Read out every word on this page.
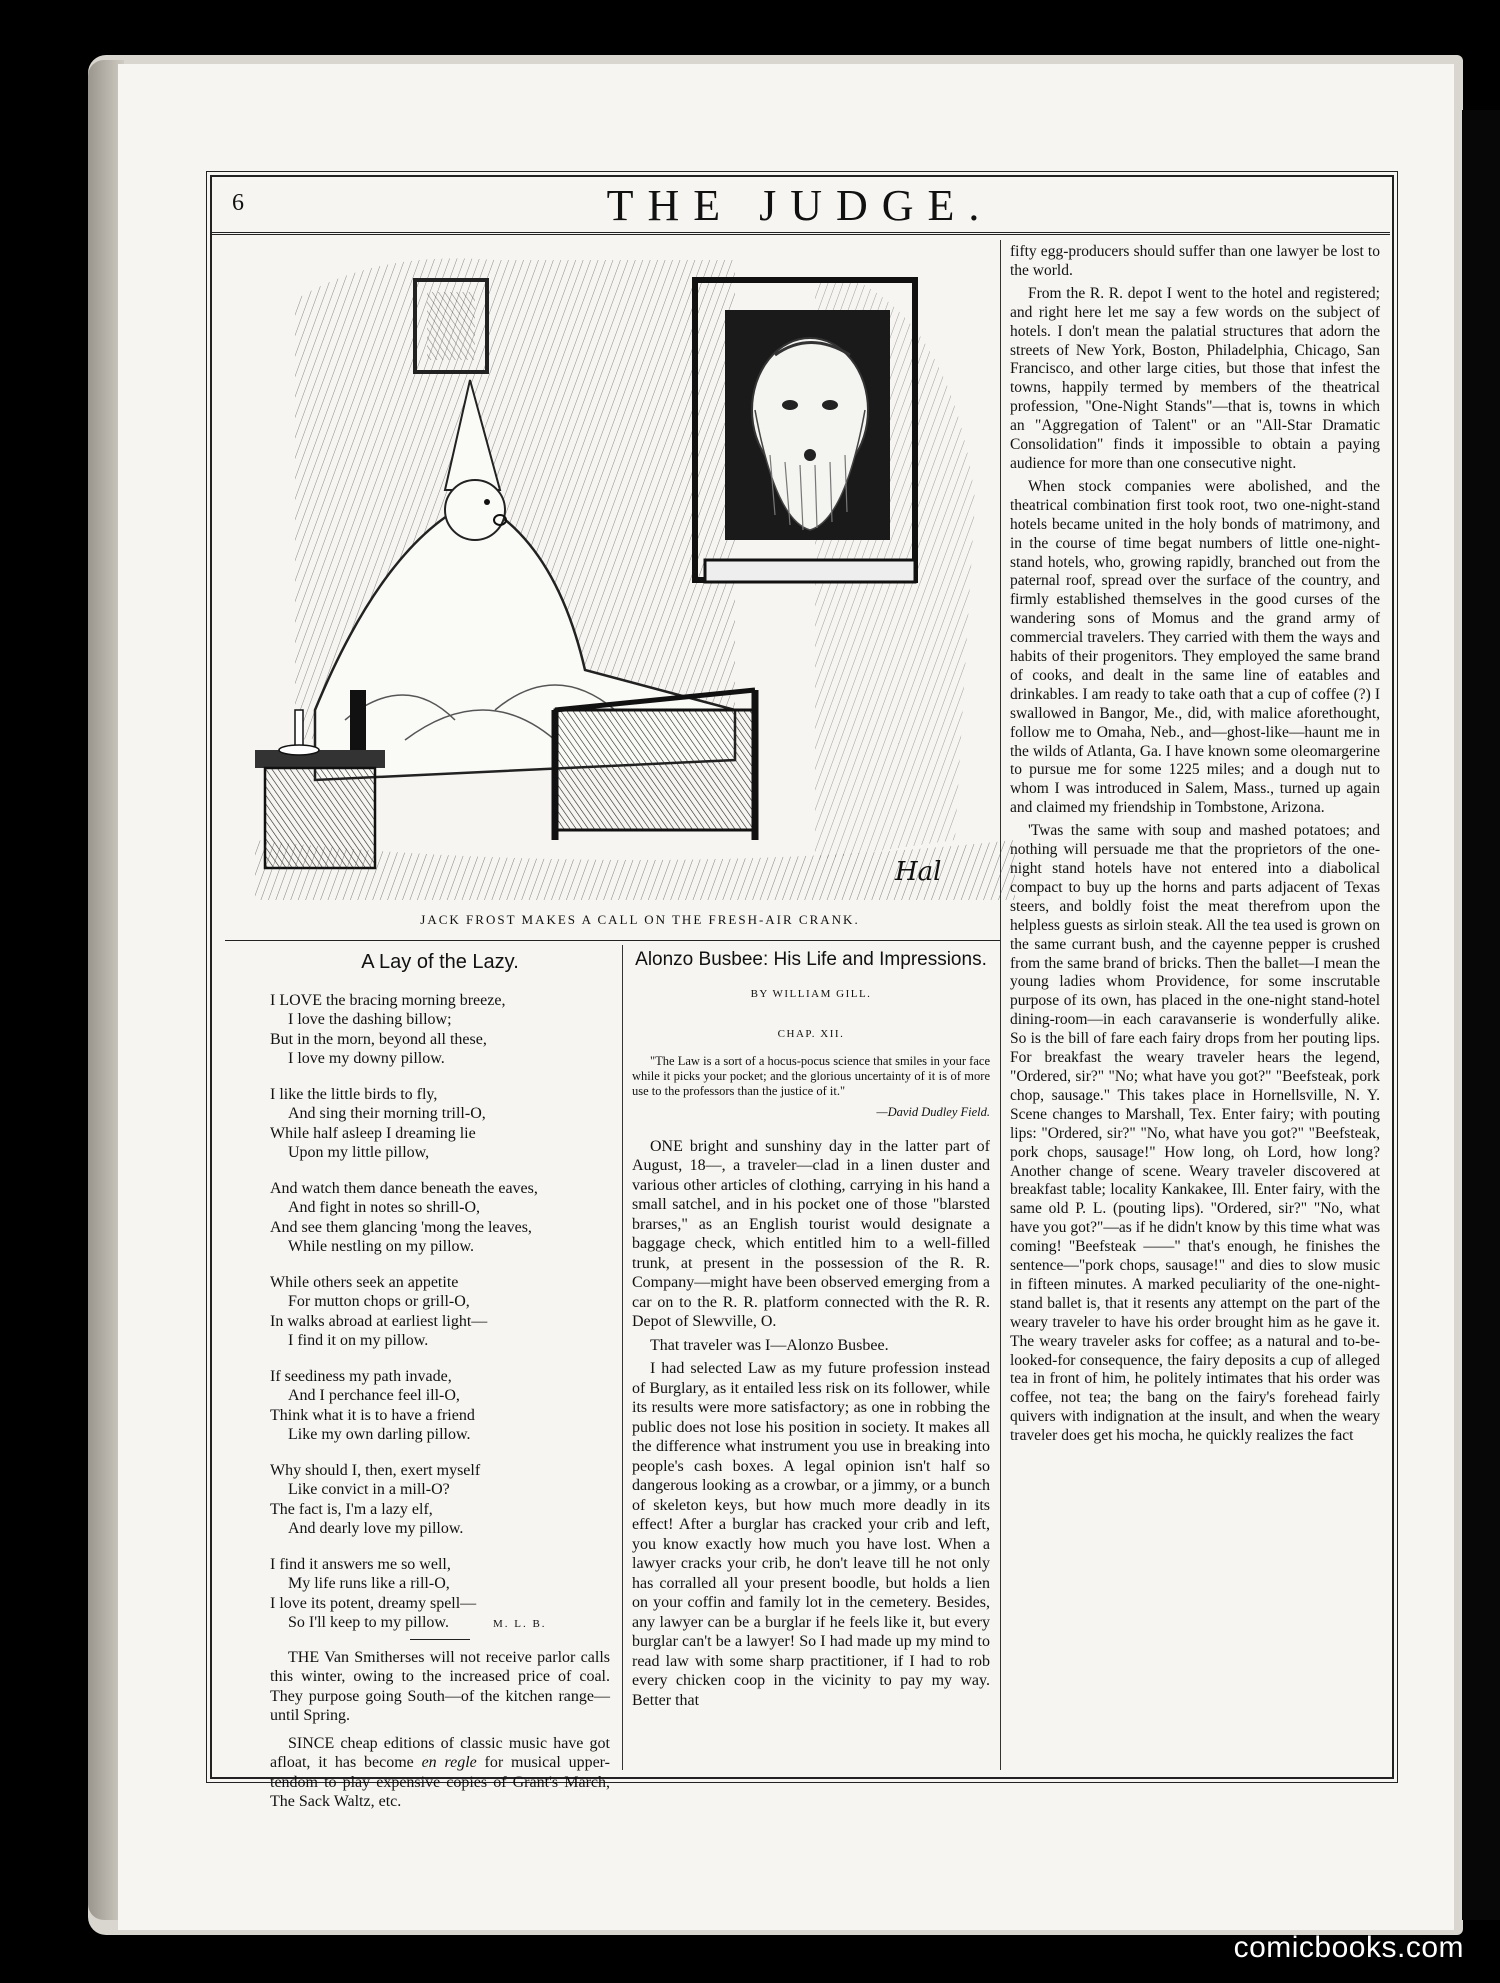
6	THE JUDGE.
Hal
JACK FROST MAKES A CALL ON THE FRESH-AIR CRANK.
A Lay of the Lazy.
I LOVE the bracing morning breeze,
I love the dashing billow;
But in the morn, beyond all these,
I love my downy pillow.
I like the little birds to fly,
And sing their morning trill-O,
While half asleep I dreaming lie
Upon my little pillow,
And watch them dance beneath the eaves,
And fight in notes so shrill-O,
And see them glancing 'mong the leaves,
While nestling on my pillow.
While others seek an appetite
For mutton chops or grill-O,
In walks abroad at earliest light—
I find it on my pillow.
If seediness my path invade,
And I perchance feel ill-O,
Think what it is to have a friend
Like my own darling pillow.
Why should I, then, exert myself
Like convict in a mill-O?
The fact is, I'm a lazy elf,
And dearly love my pillow.
I find it answers me so well,
My life runs like a rill-O,
I love its potent, dreamy spell—
So I'll keep to my pillow.	M. L. B.

THE Van Smitherses will not receive parlor calls this winter, owing to the increased price of coal. They purpose going South—of the kitchen range—until Spring.

SINCE cheap editions of classic music have got afloat, it has become en regle for musical upper-tendom to play expensive copies of Grant's March, The Sack Waltz, etc.

Alonzo Busbee: His Life and Impressions.
BY WILLIAM GILL.
CHAP. XII.

"The Law is a sort of a hocus-pocus science that smiles in your face while it picks your pocket; and the glorious uncertainty of it is of more use to the professors than the justice of it."

—David Dudley Field.

ONE bright and sunshiny day in the latter part of August, 18—, a traveler—clad in a linen duster and various other articles of clothing, carrying in his hand a small satchel, and in his pocket one of those "blarsted brarses," as an English tourist would designate a baggage check, which entitled him to a well-filled trunk, at present in the possession of the R. R. Company—might have been observed emerging from a car on to the R. R. platform connected with the R. R. Depot of Slewville, O.

That traveler was I—Alonzo Busbee.

I had selected Law as my future profession instead of Burglary, as it entailed less risk on its follower, while its results were more satisfactory; as one in robbing the public does not lose his position in society. It makes all the difference what instrument you use in breaking into people's cash boxes. A legal opinion isn't half so dangerous looking as a crowbar, or a jimmy, or a bunch of skeleton keys, but how much more deadly in its effect! After a burglar has cracked your crib and left, you know exactly how much you have lost. When a lawyer cracks your crib, he don't leave till he not only has corralled all your present boodle, but holds a lien on your coffin and family lot in the cemetery. Besides, any lawyer can be a burglar if he feels like it, but every burglar can't be a lawyer! So I had made up my mind to read law with some sharp practitioner, if I had to rob every chicken coop in the vicinity to pay my way. Better that

fifty egg-producers should suffer than one lawyer be lost to the world.

From the R. R. depot I went to the hotel and registered; and right here let me say a few words on the subject of hotels. I don't mean the palatial structures that adorn the streets of New York, Boston, Philadelphia, Chicago, San Francisco, and other large cities, but those that infest the towns, happily termed by members of the theatrical profession, "One-Night Stands"—that is, towns in which an "Aggregation of Talent" or an "All-Star Dramatic Consolidation" finds it impossible to obtain a paying audience for more than one consecutive night.

When stock companies were abolished, and the theatrical combination first took root, two one-night-stand hotels became united in the holy bonds of matrimony, and in the course of time begat numbers of little one-night-stand hotels, who, growing rapidly, branched out from the paternal roof, spread over the surface of the country, and firmly established themselves in the good curses of the wandering sons of Momus and the grand army of commercial travelers. They carried with them the ways and habits of their progenitors. They employed the same brand of cooks, and dealt in the same line of eatables and drinkables. I am ready to take oath that a cup of coffee (?) I swallowed in Bangor, Me., did, with malice aforethought, follow me to Omaha, Neb., and—ghost-like—haunt me in the wilds of Atlanta, Ga. I have known some oleomargerine to pursue me for some 1225 miles; and a dough nut to whom I was introduced in Salem, Mass., turned up again and claimed my friendship in Tombstone, Arizona.

'Twas the same with soup and mashed potatoes; and nothing will persuade me that the proprietors of the one-night stand hotels have not entered into a diabolical compact to buy up the horns and parts adjacent of Texas steers, and boldly foist the meat therefrom upon the helpless guests as sirloin steak. All the tea used is grown on the same currant bush, and the cayenne pepper is crushed from the same brand of bricks. Then the ballet—I mean the young ladies whom Providence, for some inscrutable purpose of its own, has placed in the one-night stand-hotel dining-room—in each caravanserie is wonderfully alike. So is the bill of fare each fairy drops from her pouting lips. For breakfast the weary traveler hears the legend, "Ordered, sir?" "No; what have you got?" "Beefsteak, pork chop, sausage." This takes place in Hornellsville, N. Y. Scene changes to Marshall, Tex. Enter fairy; with pouting lips: "Ordered, sir?" "No, what have you got?" "Beefsteak, pork chops, sausage!" How long, oh Lord, how long? Another change of scene. Weary traveler discovered at breakfast table; locality Kankakee, Ill. Enter fairy, with the same old P. L. (pouting lips). "Ordered, sir?" "No, what have you got?"—as if he didn't know by this time what was coming! "Beefsteak ——" that's enough, he finishes the sentence—"pork chops, sausage!" and dies to slow music in fifteen minutes. A marked peculiarity of the one-night-stand ballet is, that it resents any attempt on the part of the weary traveler to have his order brought him as he gave it. The weary traveler asks for coffee; as a natural and to-be-looked-for consequence, the fairy deposits a cup of alleged tea in front of him, he politely intimates that his order was coffee, not tea; the bang on the fairy's forehead fairly quivers with indignation at the insult, and when the weary traveler does get his mocha, he quickly realizes the fact

comicbooks.com
